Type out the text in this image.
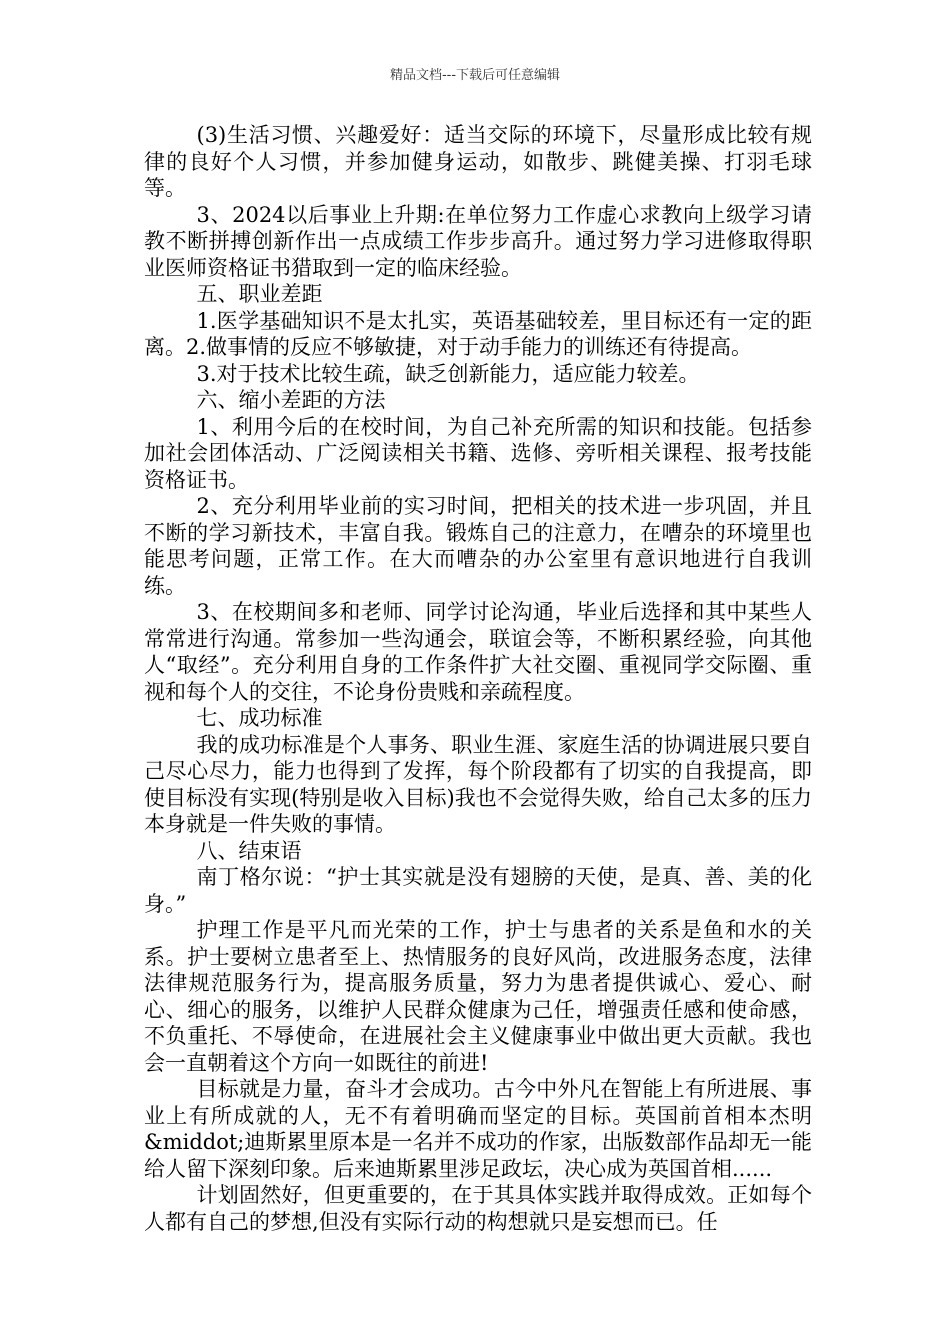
精品文档---下载后可任意编辑

(3)生活习惯、兴趣爱好：适当交际的环境下，尽量形成比较有规律的良好个人习惯，并参加健身运动，如散步、跳健美操、打羽毛球等。

3、2024以后事业上升期:在单位努力工作虚心求教向上级学习请教不断拼搏创新作出一点成绩工作步步高升。通过努力学习进修取得职业医师资格证书猎取到一定的临床经验。

五、职业差距

1.医学基础知识不是太扎实，英语基础较差，里目标还有一定的距离。2.做事情的反应不够敏捷，对于动手能力的训练还有待提高。

3.对于技术比较生疏，缺乏创新能力，适应能力较差。

六、缩小差距的方法

1、利用今后的在校时间，为自己补充所需的知识和技能。包括参加社会团体活动、广泛阅读相关书籍、选修、旁听相关课程、报考技能资格证书。

2、充分利用毕业前的实习时间，把相关的技术进一步巩固，并且不断的学习新技术，丰富自我。锻炼自己的注意力，在嘈杂的环境里也能思考问题，正常工作。在大而嘈杂的办公室里有意识地进行自我训练。

3、在校期间多和老师、同学讨论沟通，毕业后选择和其中某些人常常进行沟通。常参加一些沟通会，联谊会等，不断积累经验，向其他人“取经”。充分利用自身的工作条件扩大社交圈、重视同学交际圈、重视和每个人的交往，不论身份贵贱和亲疏程度。

七、成功标准

我的成功标准是个人事务、职业生涯、家庭生活的协调进展只要自己尽心尽力，能力也得到了发挥，每个阶段都有了切实的自我提高，即使目标没有实现(特别是收入目标)我也不会觉得失败，给自己太多的压力本身就是一件失败的事情。

八、结束语

南丁格尔说：“护士其实就是没有翅膀的天使，是真、善、美的化身。”

护理工作是平凡而光荣的工作，护士与患者的关系是鱼和水的关系。护士要树立患者至上、热情服务的良好风尚，改进服务态度，法律法律规范服务行为，提高服务质量，努力为患者提供诚心、爱心、耐心、细心的服务，以维护人民群众健康为己任，增强责任感和使命感，不负重托、不辱使命，在进展社会主义健康事业中做出更大贡献。我也会一直朝着这个方向一如既往的前进!

目标就是力量，奋斗才会成功。古今中外凡在智能上有所进展、事业上有所成就的人，无不有着明确而坚定的目标。英国前首相本杰明&middot;迪斯累里原本是一名并不成功的作家，出版数部作品却无一能给人留下深刻印象。后来迪斯累里涉足政坛，决心成为英国首相......

计划固然好，但更重要的，在于其具体实践并取得成效。正如每个人都有自己的梦想,但没有实际行动的构想就只是妄想而已。任
